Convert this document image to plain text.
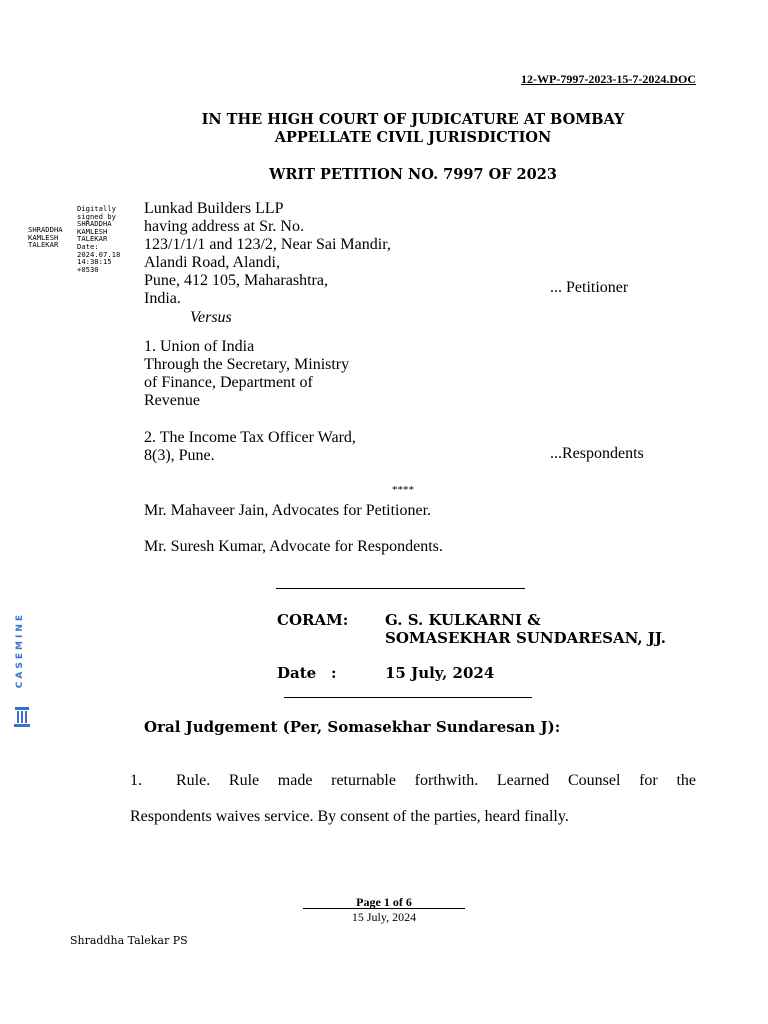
12-WP-7997-2023-15-7-2024.DOC
IN THE HIGH COURT OF JUDICATURE AT BOMBAY
APPELLATE CIVIL JURISDICTION
WRIT PETITION NO. 7997 OF 2023
SHRADDHA
KAMLESH
TALEKAR
Digitally
signed by
SHRADDHA
KAMLESH
TALEKAR
Date:
2024.07.18
14:38:15
+0530
Lunkad Builders LLP
having address at Sr. No.
123/1/1/1 and 123/2, Near Sai Mandir,
Alandi Road, Alandi,
Pune, 412 105, Maharashtra,
India.
... Petitioner
Versus
1. Union of India
Through the Secretary, Ministry
of Finance, Department of
Revenue
2. The Income Tax Officer Ward,
8(3), Pune.	...Respondents
****
Mr. Mahaveer Jain, Advocates for Petitioner.
Mr. Suresh Kumar, Advocate for Respondents.
CORAM: G. S. KULKARNI &
SOMASEKHAR SUNDARESAN, JJ.
Date :	15 July, 2024
Oral Judgement (Per, Somasekhar Sundaresan J):
1. Rule. Rule made returnable forthwith. Learned Counsel for the
Respondents waives service. By consent of the parties, heard finally.
Page 1 of 6
15 July, 2024
Shraddha Talekar PS
CASEMINE
